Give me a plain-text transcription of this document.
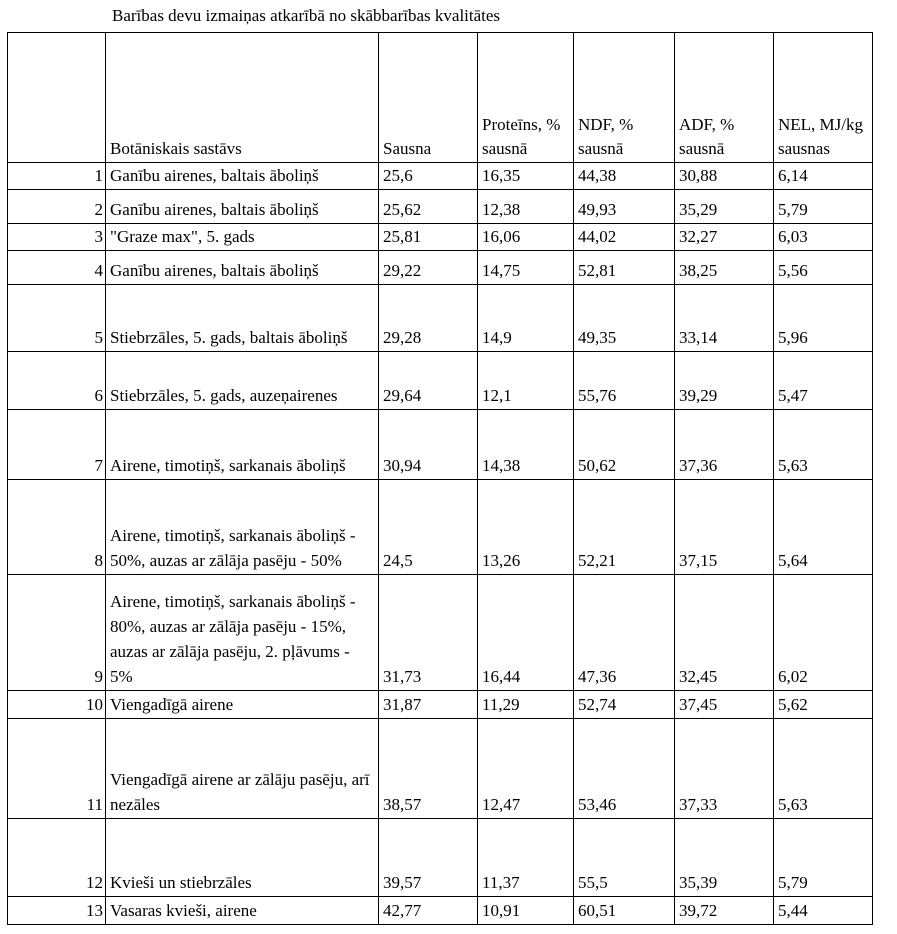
Barības devu izmaiņas atkarībā no skābbarības kvalitātes
	Botāniskais sastāvs	Sausna	Proteīns, % sausnā	NDF, % sausnā	ADF, % sausnā	NEL, MJ/kg sausnas
1	Ganību airenes, baltais āboliņš	25,6	16,35	44,38	30,88	6,14
2	Ganību airenes, baltais āboliņš	25,62	12,38	49,93	35,29	5,79
3	"Graze max", 5. gads	25,81	16,06	44,02	32,27	6,03
4	Ganību airenes, baltais āboliņš	29,22	14,75	52,81	38,25	5,56
5	Stiebrzāles, 5. gads, baltais āboliņš	29,28	14,9	49,35	33,14	5,96
6	Stiebrzāles, 5. gads, auzeņairenes	29,64	12,1	55,76	39,29	5,47
7	Airene, timotiņš, sarkanais āboliņš	30,94	14,38	50,62	37,36	5,63
8	Airene, timotiņš, sarkanais āboliņš - 50%, auzas ar zālāja pasēju - 50%	24,5	13,26	52,21	37,15	5,64
9	Airene, timotiņš, sarkanais āboliņš - 80%, auzas ar zālāja pasēju - 15%, auzas ar zālāja pasēju, 2. pļāvums - 5%	31,73	16,44	47,36	32,45	6,02
10	Viengadīgā airene	31,87	11,29	52,74	37,45	5,62
11	Viengadīgā airene ar zālāju pasēju, arī nezāles	38,57	12,47	53,46	37,33	5,63
12	Kvieši un stiebrzāles	39,57	11,37	55,5	35,39	5,79
13	Vasaras kvieši, airene	42,77	10,91	60,51	39,72	5,44
